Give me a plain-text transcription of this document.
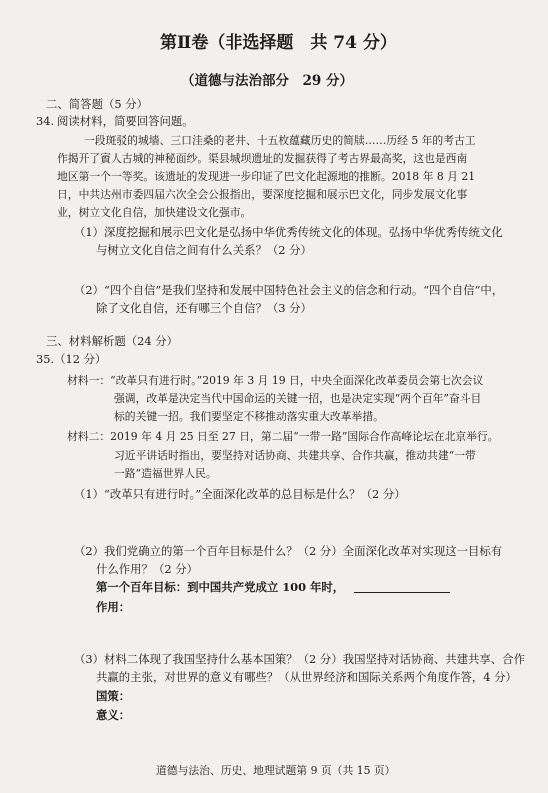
第Ⅱ卷（非选择题　共 74 分）
（道德与法治部分　29 分）
二、简答题（5 分）
34. 阅读材料，简要回答问题。
一段斑驳的城墙、三口洼桑的老井、十五枚蕴藏历史的简牍……历经 5 年的考古工
作揭开了賨人古城的神秘面纱。渠县城坝遗址的发掘获得了考古界最高奖，这也是西南
地区第一个一等奖。该遗址的发现进一步印证了巴文化起源地的推断。2018 年 8 月 21
日，中共达州市委四届六次全会公报指出，要深度挖掘和展示巴文化，同步发展文化事
业，树立文化自信，加快建设文化强市。
（1）深度挖掘和展示巴文化是弘扬中华优秀传统文化的体现。弘扬中华优秀传统文化
与树立文化自信之间有什么关系？（2 分）
（2）“四个自信”是我们坚持和发展中国特色社会主义的信念和行动。“四个自信”中，
除了文化自信，还有哪三个自信？（3 分）
三、材料解析题（24 分）
35.（12 分）
材料一：“改革只有进行时。”2019 年 3 月 19 日，中央全面深化改革委员会第七次会议
强调，改革是决定当代中国命运的关键一招，也是决定实现“两个百年”奋斗目
标的关键一招。我们要坚定不移推动落实重大改革举措。
材料二：2019 年 4 月 25 日至 27 日，第二届“一带一路”国际合作高峰论坛在北京举行。
习近平讲话时指出，要坚持对话协商、共建共享、合作共赢，推动共建“一带
一路”造福世界人民。
（1）“改革只有进行时。”全面深化改革的总目标是什么？（2 分）
（2）我们党确立的第一个百年目标是什么？（2 分）全面深化改革对实现这一目标有
什么作用？（2 分）
第一个百年目标：到中国共产党成立 100 年时，
作用：
（3）材料二体现了我国坚持什么基本国策？（2 分）我国坚持对话协商、共建共享、合作
共赢的主张，对世界的意义有哪些？（从世界经济和国际关系两个角度作答，4 分）
国策：
意义：
道德与法治、历史、地理试题第 9 页（共 15 页）
